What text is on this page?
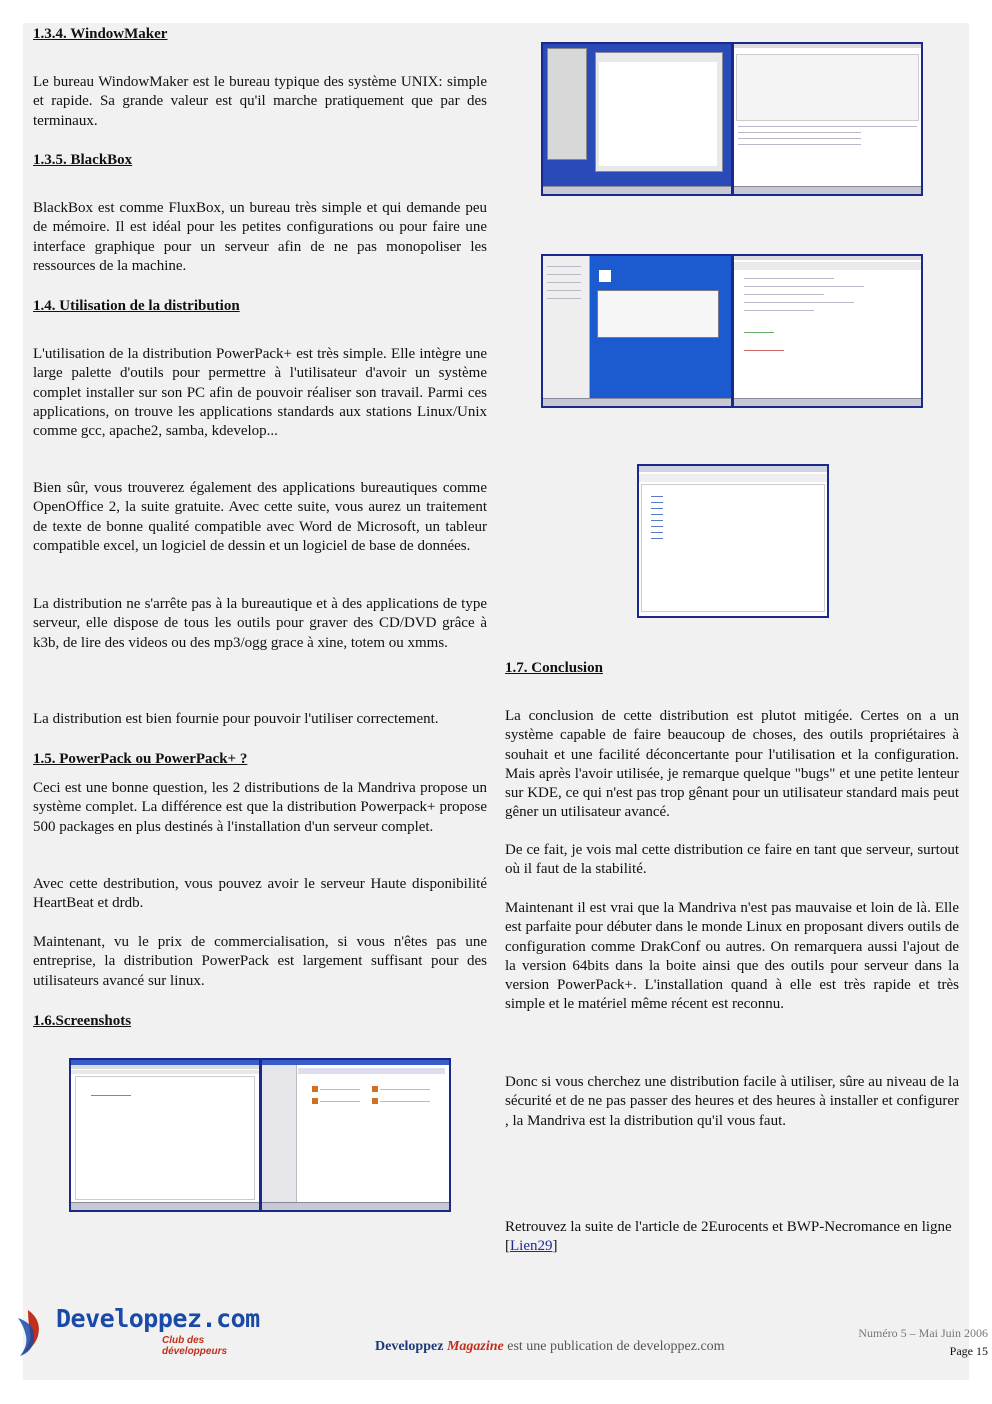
1.3.4. WindowMaker

Le bureau WindowMaker est le bureau typique des système UNIX: simple et rapide. Sa grande valeur est qu'il marche pratiquement que par des terminaux.

1.3.5. BlackBox

BlackBox est comme FluxBox, un bureau très simple et qui demande peu de mémoire. Il est idéal pour les petites configurations ou pour faire une interface graphique pour un serveur afin de ne pas monopoliser les ressources de la machine.

1.4. Utilisation de la distribution

L'utilisation de la distribution PowerPack+ est très simple. Elle intègre une large palette d'outils pour permettre à l'utilisateur d'avoir un système complet installer sur son PC afin de pouvoir réaliser son travail. Parmi ces applications, on trouve les applications standards aux stations Linux/Unix comme gcc, apache2, samba, kdevelop...

Bien sûr, vous trouverez également des applications bureautiques comme OpenOffice 2, la suite gratuite. Avec cette suite, vous aurez un traitement de texte de bonne qualité compatible avec Word de Microsoft, un tableur compatible excel, un logiciel de dessin et un logiciel de base de données.

La distribution ne s'arrête pas à la bureautique et à des applications de type serveur, elle dispose de tous les outils pour graver des CD/DVD grâce à k3b, de lire des videos ou des mp3/ogg grace à xine, totem ou xmms.

La distribution est bien fournie pour pouvoir l'utiliser correctement.

1.5. PowerPack ou PowerPack+ ?

Ceci est une bonne question, les 2 distributions de la Mandriva propose un système complet. La différence est que la distribution Powerpack+ propose 500 packages en plus destinés à l'installation d'un serveur complet.

Avec cette destribution, vous pouvez avoir le serveur Haute disponibilité HeartBeat et drdb.

Maintenant, vu le prix de commercialisation, si vous n'êtes pas une entreprise, la distribution PowerPack est largement suffisant pour des utilisateurs avancé sur linux.

1.6.Screenshots
1.7. Conclusion

La conclusion de cette distribution est plutot mitigée. Certes on a un système capable de faire beaucoup de choses, des outils propriétaires à souhait et une facilité déconcertante pour l'utilisation et la configuration. Mais après l'avoir utilisée, je remarque quelque "bugs" et une petite lenteur sur KDE, ce qui n'est pas trop gênant pour un utilisateur standard mais peut gêner un utilisateur avancé.

De ce fait, je vois mal cette distribution ce faire en tant que serveur, surtout où il faut de la stabilité.

Maintenant il est vrai que la Mandriva n'est pas mauvaise et loin de là. Elle est parfaite pour débuter dans le monde Linux en proposant divers outils de configuration comme DrakConf ou autres. On remarquera aussi l'ajout de la version 64bits dans la boite ainsi que des outils pour serveur dans la version PowerPack+. L'installation quand à elle est très rapide et très simple et le matériel même récent est reconnu.

Donc si vous cherchez une distribution facile à utiliser, sûre au niveau de la sécurité et de ne pas passer des heures et des heures à installer et configurer , la Mandriva est la distribution qu'il vous faut.

Retrouvez la suite de l'article de 2Eurocents et BWP-Necromance en ligne [Lien29]

Developpez.com
Club des développeurs	Developpez Magazine est une publication de developpez.com
Numéro 5 – Mai Juin 2006
Page 15
